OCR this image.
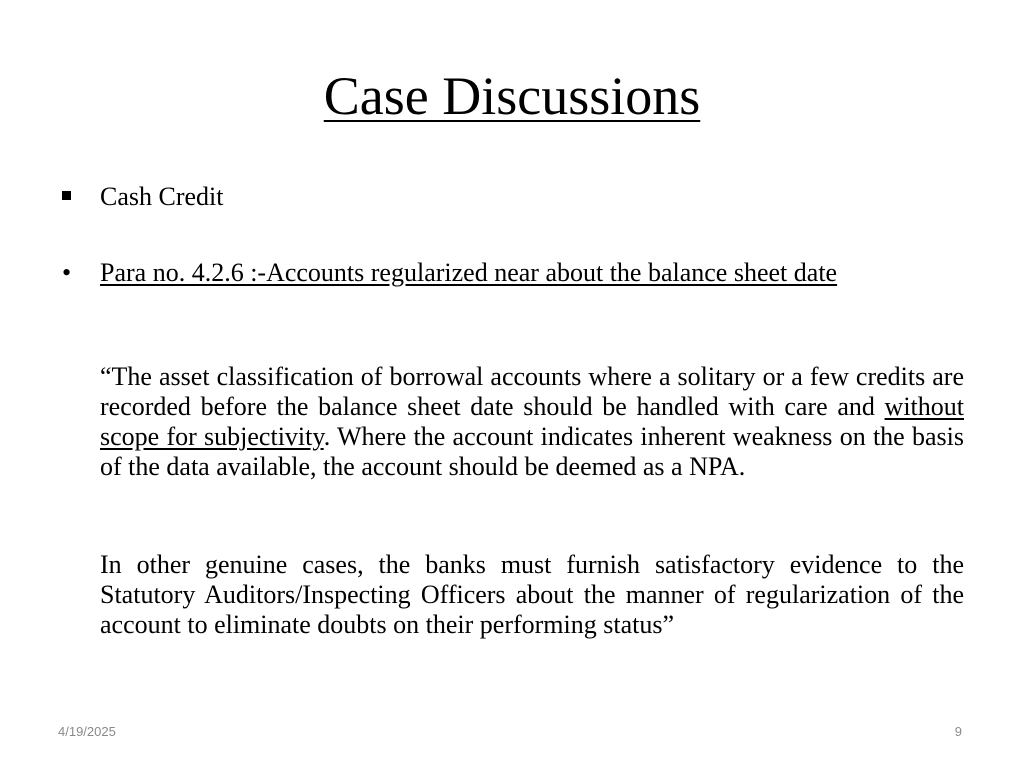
Case Discussions
Cash Credit
•	Para no. 4.2.6 :-Accounts regularized near about the balance sheet date

“The asset classification of borrowal accounts where a solitary or a few credits are recorded before the balance sheet date should be handled with care and without scope for subjectivity. Where the account indicates inherent weakness on the basis of the data available, the account should be deemed as a NPA.

In other genuine cases, the banks must furnish satisfactory evidence to the Statutory Auditors/Inspecting Officers about the manner of regularization of the account to eliminate doubts on their performing status”

4/19/2025	9
